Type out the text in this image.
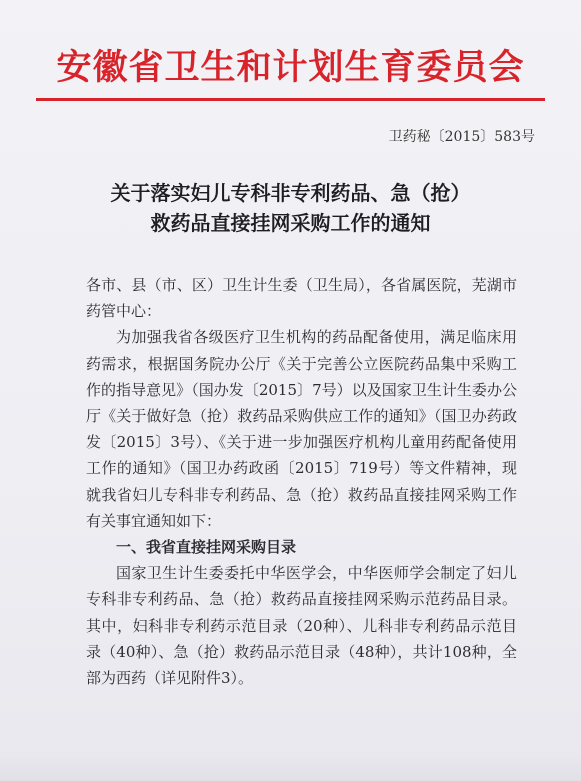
安徽省卫生和计划生育委员会
卫药秘〔2015〕583号
关于落实妇儿专科非专利药品、急（抢）
救药品直接挂网采购工作的通知

各市、县（市、区）卫生计生委（卫生局），各省属医院，芜湖市药管中心：

为加强我省各级医疗卫生机构的药品配备使用，满足临床用药需求，根据国务院办公厅《关于完善公立医院药品集中采购工作的指导意见》（国办发〔2015〕7号）以及国家卫生计生委办公厅《关于做好急（抢）救药品采购供应工作的通知》（国卫办药政发〔2015〕3号）、《关于进一步加强医疗机构儿童用药配备使用工作的通知》（国卫办药政函〔2015〕719号）等文件精神，现就我省妇儿专科非专利药品、急（抢）救药品直接挂网采购工作有关事宜通知如下：

一、我省直接挂网采购目录

国家卫生计生委委托中华医学会，中华医师学会制定了妇儿专科非专利药品、急（抢）救药品直接挂网采购示范药品目录。其中，妇科非专利药示范目录（20种）、儿科非专利药品示范目录（40种）、急（抢）救药品示范目录（48种），共计108种，全部为西药（详见附件3）。
